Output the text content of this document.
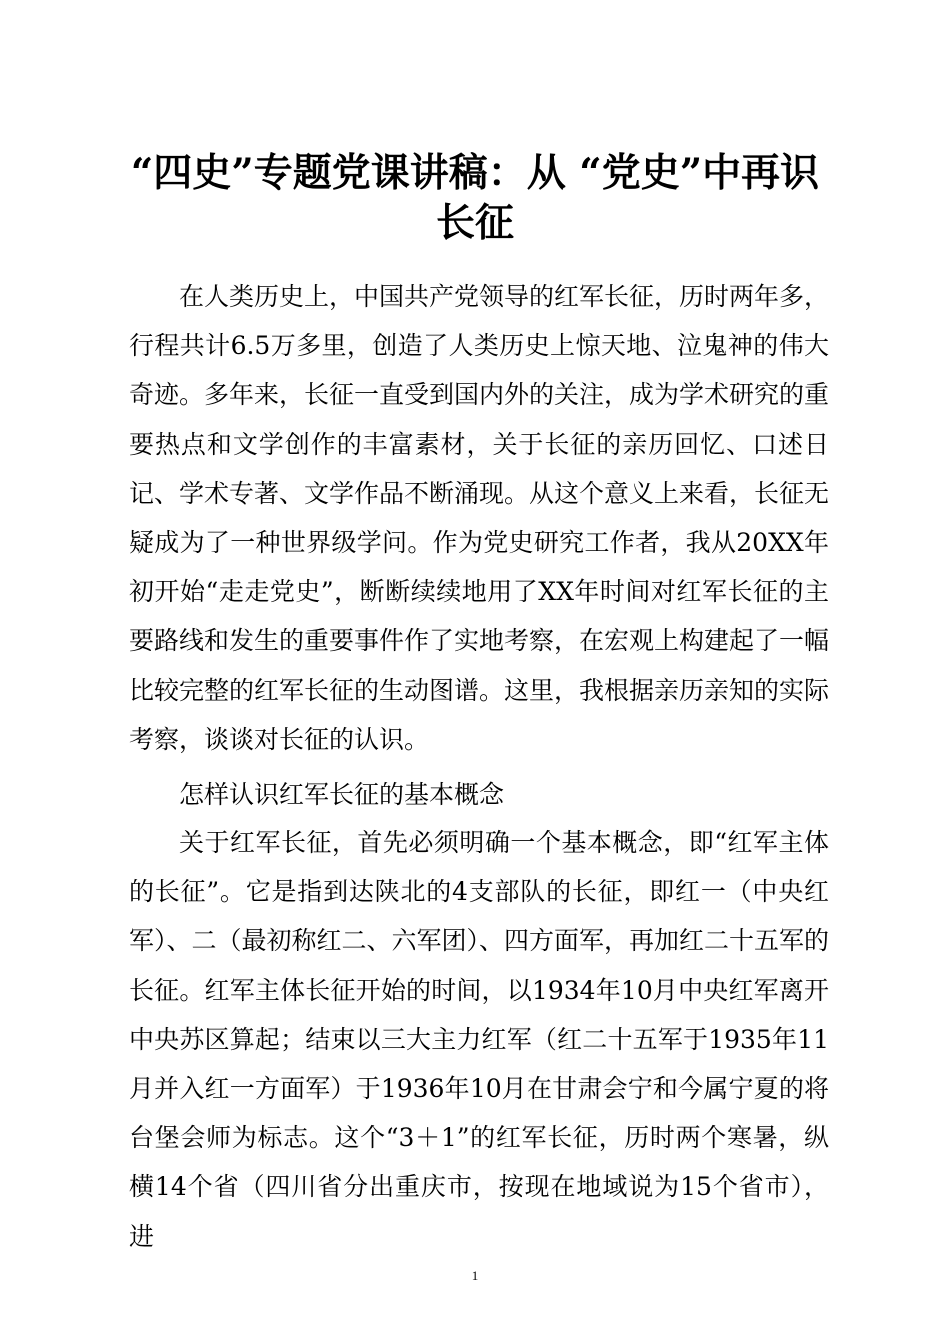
“四史”专题党课讲稿：从 “党史”中再识
长征

在人类历史上，中国共产党领导的红军长征，历时两年多，行程共计6.5万多里，创造了人类历史上惊天地、泣鬼神的伟大奇迹。多年来，长征一直受到国内外的关注，成为学术研究的重要热点和文学创作的丰富素材，关于长征的亲历回忆、口述日记、学术专著、文学作品不断涌现。从这个意义上来看，长征无疑成为了一种世界级学问。作为党史研究工作者，我从20XX年初开始“走走党史”，断断续续地用了XX年时间对红军长征的主要路线和发生的重要事件作了实地考察，在宏观上构建起了一幅比较完整的红军长征的生动图谱。这里，我根据亲历亲知的实际考察，谈谈对长征的认识。

怎样认识红军长征的基本概念

关于红军长征，首先必须明确一个基本概念，即“红军主体的长征”。它是指到达陕北的4支部队的长征，即红一（中央红军）、二（最初称红二、六军团）、四方面军，再加红二十五军的长征。红军主体长征开始的时间，以1934年10月中央红军离开中央苏区算起；结束以三大主力红军（红二十五军于1935年11月并入红一方面军）于1936年10月在甘肃会宁和今属宁夏的将台堡会师为标志。这个“3＋1”的红军长征，历时两个寒暑，纵横14个省（四川省分出重庆市，按现在地域说为15个省市），进

1
